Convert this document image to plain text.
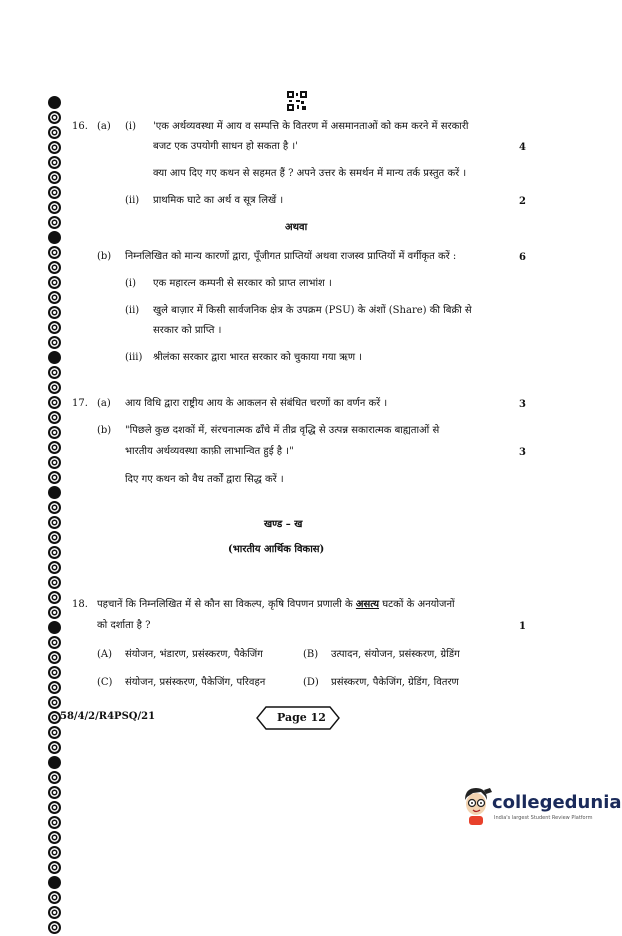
16. (a) (i) 'एक अर्थव्यवस्था में आय व सम्पत्ति के वितरण में असमानताओं को कम करने में सरकारी
बजट एक उपयोगी साधन हो सकता है ।'	4
क्या आप दिए गए कथन से सहमत हैं ? अपने उत्तर के समर्थन में मान्य तर्क प्रस्तुत करें ।
(ii) प्राथमिक घाटे का अर्थ व सूत्र लिखें ।	2
अथवा
(b) निम्नलिखित को मान्य कारणों द्वारा, पूँजीगत प्राप्तियों अथवा राजस्व प्राप्तियों में वर्गीकृत करें :	6
(i) एक महारत्न कम्पनी से सरकार को प्राप्त लाभांश ।
(ii) खुले बाज़ार में किसी सार्वजनिक क्षेत्र के उपक्रम (PSU) के अंशों (Share) की बिक्री से
सरकार को प्राप्ति ।
(iii) श्रीलंका सरकार द्वारा भारत सरकार को चुकाया गया ऋण ।
17. (a) आय विधि द्वारा राष्ट्रीय आय के आकलन से संबंधित चरणों का वर्णन करें ।	3
(b) "पिछले कुछ दशकों में, संरचनात्मक ढाँचे में तीव्र वृद्धि से उत्पन्न सकारात्मक बाह्यताओं से
भारतीय अर्थव्यवस्था काफ़ी लाभान्वित हुई है ।"	3
दिए गए कथन को वैध तर्कों द्वारा सिद्ध करें ।
खण्ड – ख
(भारतीय आर्थिक विकास)
18. पहचानें कि निम्नलिखित में से कौन सा विकल्प, कृषि विपणन प्रणाली के असत्य घटकों के अनयोजनों
को दर्शाता है ?	1
(A) संयोजन, भंडारण, प्रसंस्करण, पैकेजिंग	(B) उत्पादन, संयोजन, प्रसंस्करण, ग्रेडिंग
(C) संयोजन, प्रसंस्करण, पैकेजिंग, परिवहन	(D) प्रसंस्करण, पैकेजिंग, ग्रेडिंग, वितरण
58/4/2/R4PSQ/21	Page 12
collegedunia
India's largest Student Review Platform
